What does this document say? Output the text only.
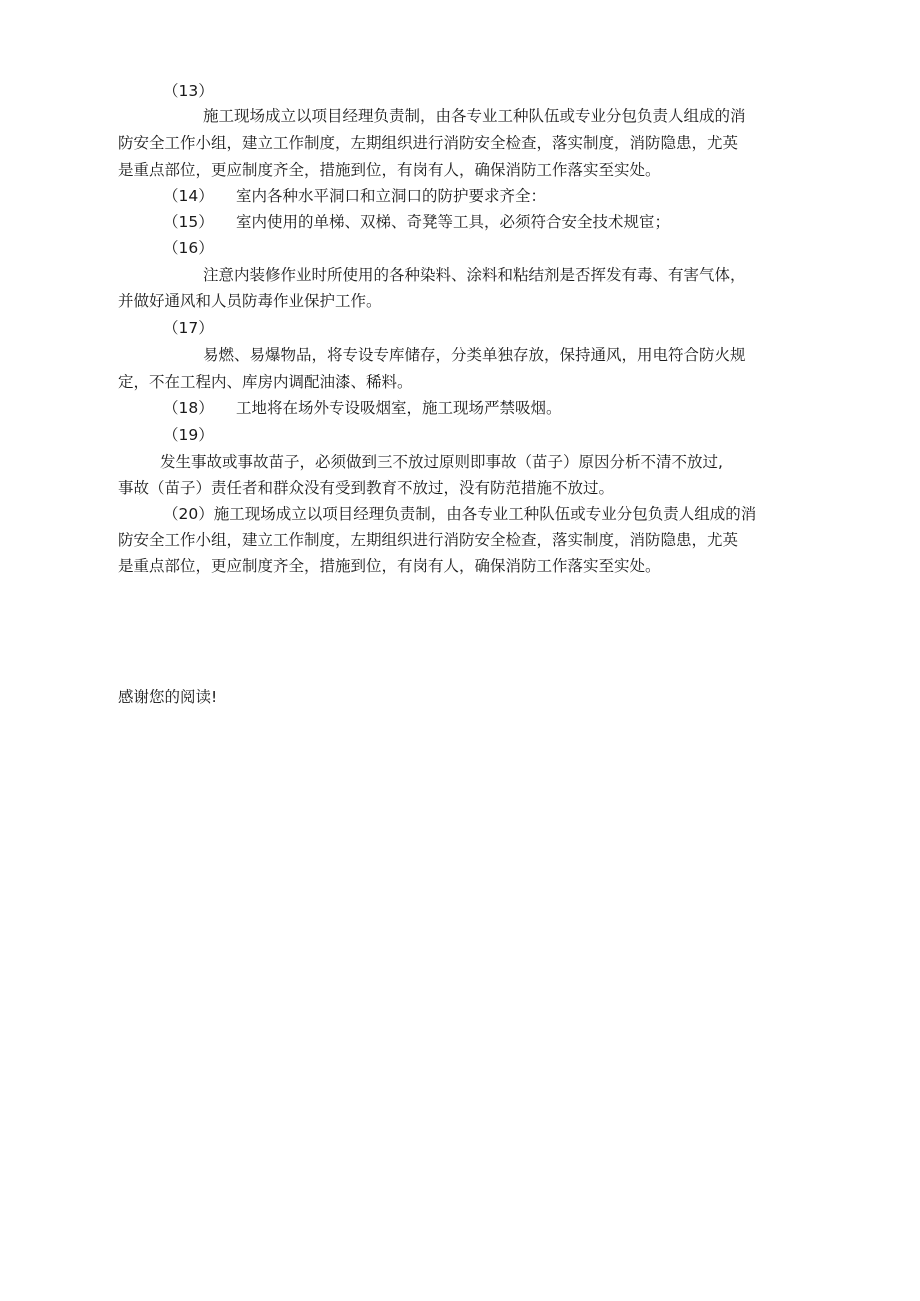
（13）

施工现场成立以项目经理负责制，由各专业工种队伍或专业分包负责人组成的消

防安全工作小组，建立工作制度，左期组织进行消防安全检查，落实制度，消防隐患，尤英

是重点部位，更应制度齐全，措施到位，有岗有人，确保消防工作落实至实处。

（14） 室内各种水平洞口和立洞口的防护要求齐全：

（15） 室内使用的单梯、双梯、奇凳等工具，必须符合安全技术规宦；

（16）

注意内装修作业时所使用的各种染料、涂料和粘结剂是否挥发有毒、有害气体，

并做好通风和人员防毒作业保护工作。

（17）

易燃、易爆物品，将专设专库储存，分类单独存放，保持通风，用电符合防火规

定，不在工程内、库房内调配油漆、稀料。

（18） 工地将在场外专设吸烟室，施工现场严禁吸烟。

（19）

发生事故或事故苗子，必须做到三不放过原则即事故（苗子）原因分析不清不放过,

事故（苗子）责任者和群众没有受到教育不放过，没有防范措施不放过。

（20）施工现场成立以项目经理负责制，由各专业工种队伍或专业分包负责人组成的消

防安全工作小组，建立工作制度，左期组织进行消防安全检查，落实制度，消防隐患，尤英

是重点部位，更应制度齐全，措施到位，有岗有人，确保消防工作落实至实处。

感谢您的阅读!
